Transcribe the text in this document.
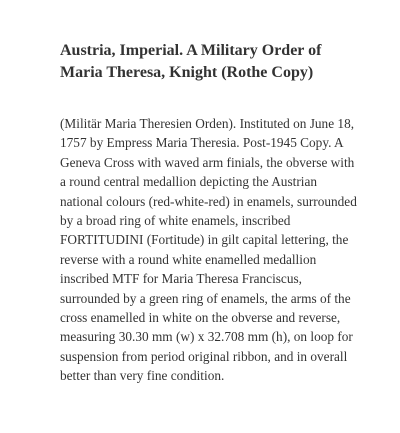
Austria, Imperial. A Military Order of Maria Theresa, Knight (Rothe Copy)

(Militär Maria Theresien Orden). Instituted on June 18, 1757 by Empress Maria Theresia. Post-1945 Copy. A Geneva Cross with waved arm finials, the obverse with a round central medallion depicting the Austrian national colours (red-white-red) in enamels, surrounded by a broad ring of white enamels, inscribed FORTITUDINI (Fortitude) in gilt capital lettering, the reverse with a round white enamelled medallion inscribed MTF for Maria Theresa Franciscus, surrounded by a green ring of enamels, the arms of the cross enamelled in white on the obverse and reverse, measuring 30.30 mm (w) x 32.708 mm (h), on loop for suspension from period original ribbon, and in overall better than very fine condition.
